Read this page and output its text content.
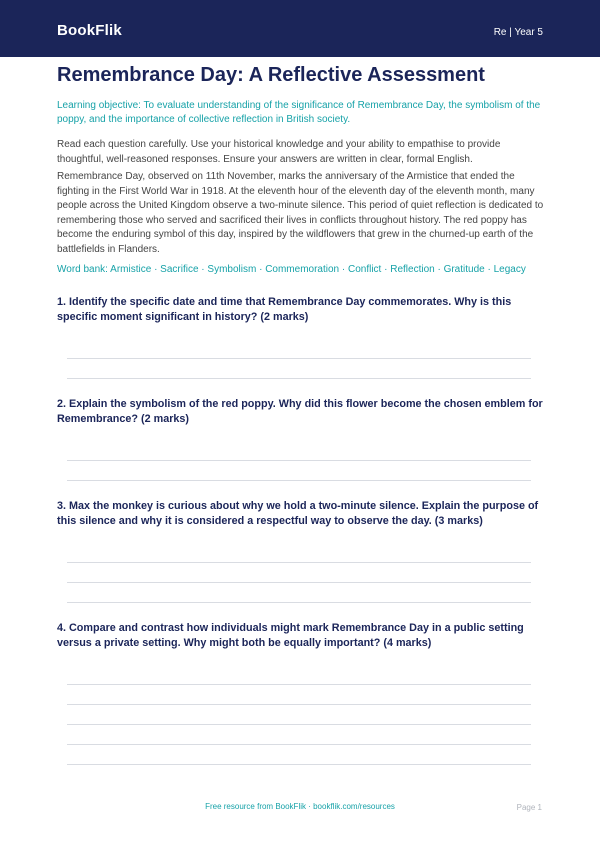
BookFlik	Re | Year 5
Remembrance Day: A Reflective Assessment
Learning objective: To evaluate understanding of the significance of Remembrance Day, the symbolism of the poppy, and the importance of collective reflection in British society.
Read each question carefully. Use your historical knowledge and your ability to empathise to provide thoughtful, well-reasoned responses. Ensure your answers are written in clear, formal English.
Remembrance Day, observed on 11th November, marks the anniversary of the Armistice that ended the fighting in the First World War in 1918. At the eleventh hour of the eleventh day of the eleventh month, many people across the United Kingdom observe a two-minute silence. This period of quiet reflection is dedicated to remembering those who served and sacrificed their lives in conflicts throughout history. The red poppy has become the enduring symbol of this day, inspired by the wildflowers that grew in the churned-up earth of the battlefields in Flanders.
Word bank: Armistice · Sacrifice · Symbolism · Commemoration · Conflict · Reflection · Gratitude · Legacy
1. Identify the specific date and time that Remembrance Day commemorates. Why is this specific moment significant in history? (2 marks)
2. Explain the symbolism of the red poppy. Why did this flower become the chosen emblem for Remembrance? (2 marks)
3. Max the monkey is curious about why we hold a two-minute silence. Explain the purpose of this silence and why it is considered a respectful way to observe the day. (3 marks)
4. Compare and contrast how individuals might mark Remembrance Day in a public setting versus a private setting. Why might both be equally important? (4 marks)
Free resource from BookFlik · bookflik.com/resources	Page 1
